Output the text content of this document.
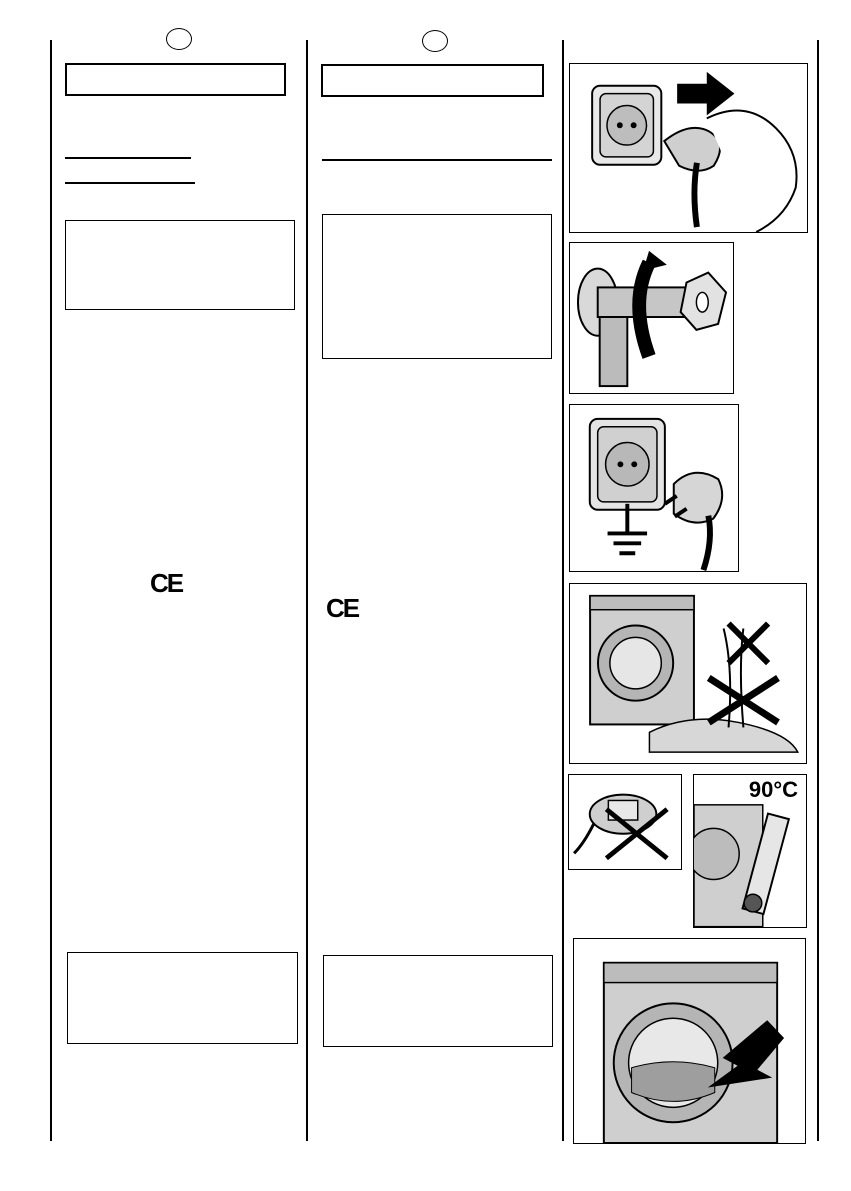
CE
CE
90°C
